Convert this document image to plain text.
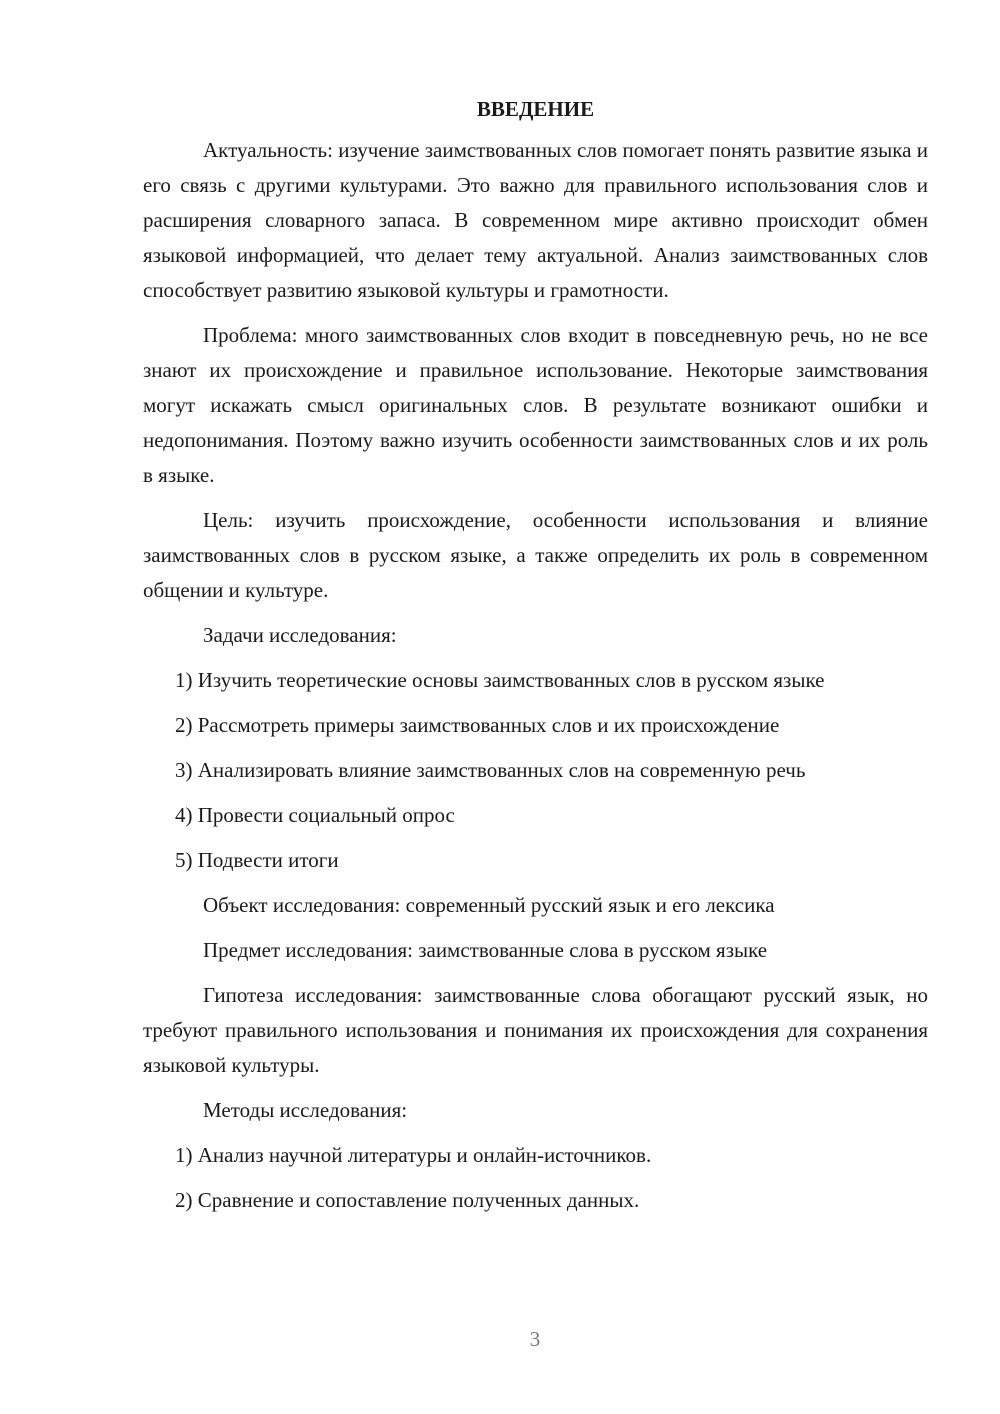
ВВЕДЕНИЕ

Актуальность: изучение заимствованных слов помогает понять развитие языка и его связь с другими культурами. Это важно для правильного использования слов и расширения словарного запаса. В современном мире активно происходит обмен языковой информацией, что делает тему актуальной. Анализ заимствованных слов способствует развитию языковой культуры и грамотности.

Проблема: много заимствованных слов входит в повседневную речь, но не все знают их происхождение и правильное использование. Некоторые заимствования могут искажать смысл оригинальных слов. В результате возникают ошибки и недопонимания. Поэтому важно изучить особенности заимствованных слов и их роль в языке.

Цель: изучить происхождение, особенности использования и влияние заимствованных слов в русском языке, а также определить их роль в современном общении и культуре.

Задачи исследования:

1) Изучить теоретические основы заимствованных слов в русском языке

2) Рассмотреть примеры заимствованных слов и их происхождение

3) Анализировать влияние заимствованных слов на современную речь

4) Провести социальный опрос

5) Подвести итоги

Объект исследования: современный русский язык и его лексика

Предмет исследования: заимствованные слова в русском языке

Гипотеза исследования: заимствованные слова обогащают русский язык, но требуют правильного использования и понимания их происхождения для сохранения языковой культуры.

Методы исследования:

1) Анализ научной литературы и онлайн-источников.

2) Сравнение и сопоставление полученных данных.

3
